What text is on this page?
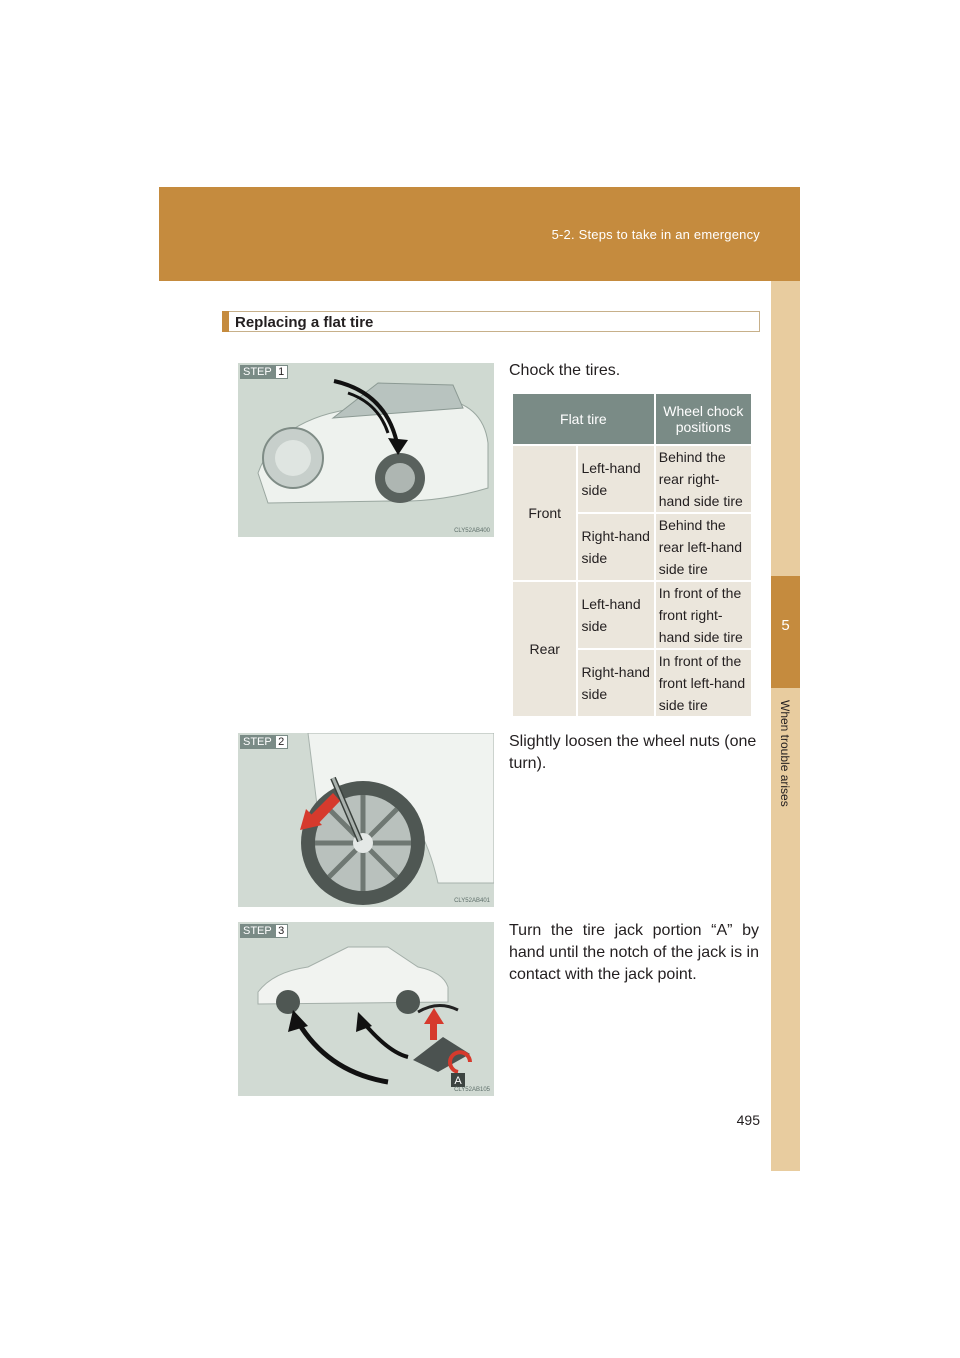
5-2. Steps to take in an emergency
5
When trouble arises
Replacing a flat tire
STEP 1
CLY52AB400
Chock the tires.
Flat tire		Wheel chock positions
Front	Left-hand side	Behind the rear right-hand side tire
	Right-hand side	Behind the rear left-hand side tire
Rear	Left-hand side	In front of the front right-hand side tire
	Right-hand side	In front of the front left-hand side tire
STEP 2
CLY52AB401
Slightly loosen the wheel nuts (one turn).
A
STEP 3
CLY52AB105
Turn the tire jack portion “A” by hand until the notch of the jack is in contact with the jack point.
495
